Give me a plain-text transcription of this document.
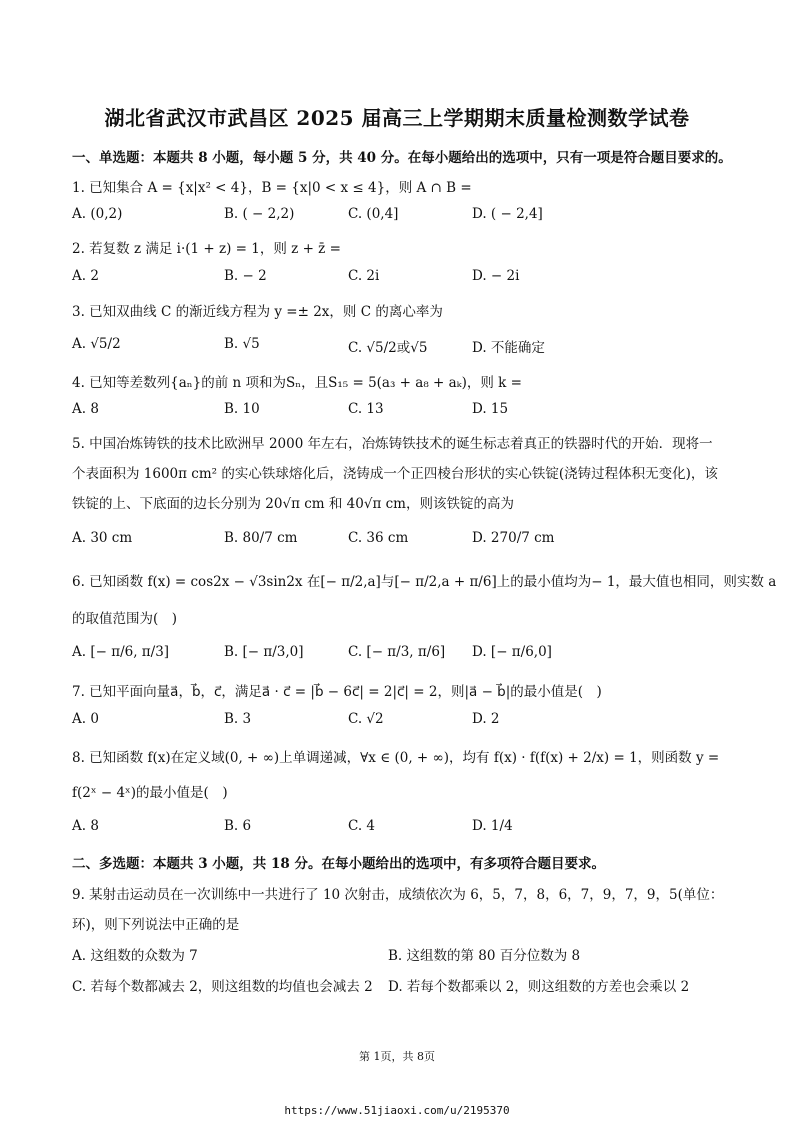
湖北省武汉市武昌区 2025 届高三上学期期末质量检测数学试卷
一、单选题：本题共 8 小题，每小题 5 分，共 40 分。在每小题给出的选项中，只有一项是符合题目要求的。
1. 已知集合 A = {x|x² < 4}，B = {x|0 < x ≤ 4}，则 A ∩ B =
A. (0,2)	B. ( − 2,2)	C. (0,4]	D. ( − 2,4]
2. 若复数 z 满足 i·(1 + z) = 1，则 z + z̄ =
A. 2	B. − 2	C. 2i	D. − 2i
3. 已知双曲线 C 的渐近线方程为 y =± 2x，则 C 的离心率为
A. √5/2	B. √5	C. √5/2或√5	D. 不能确定
4. 已知等差数列{aₙ}的前 n 项和为Sₙ，且S₁₅ = 5(a₃ + a₈ + aₖ)，则 k =
A. 8	B. 10	C. 13	D. 15
5. 中国冶炼铸铁的技术比欧洲早 2000 年左右，冶炼铸铁技术的诞生标志着真正的铁器时代的开始．现将一
个表面积为 1600π cm² 的实心铁球熔化后，浇铸成一个正四棱台形状的实心铁锭(浇铸过程体积无变化)，该
铁锭的上、下底面的边长分别为 20√π cm 和 40√π cm，则该铁锭的高为
A. 30 cm	B. 80/7 cm	C. 36 cm	D. 270/7 cm
6. 已知函数 f(x) = cos2x − √3sin2x 在[− π/2,a]与[− π/2,a + π/6]上的最小值均为− 1，最大值也相同，则实数 a
的取值范围为(　)
A. [− π/6, π/3]	B. [− π/3,0]	C. [− π/3, π/6] D. [− π/6,0]
7. 已知平面向量a⃗，b⃗，c⃗，满足a⃗ · c⃗ = |b⃗ − 6c⃗| = 2|c⃗| = 2，则|a⃗ − b⃗|的最小值是(　)
A. 0	B. 3	C. √2	D. 2
8. 已知函数 f(x)在定义域(0, + ∞)上单调递减，∀x ∈ (0, + ∞)，均有 f(x) · f(f(x) + 2/x) = 1，则函数 y =
f(2ˣ − 4ˣ)的最小值是(　)
A. 8	B. 6	C. 4	D. 1/4
二、多选题：本题共 3 小题，共 18 分。在每小题给出的选项中，有多项符合题目要求。
9. 某射击运动员在一次训练中一共进行了 10 次射击，成绩依次为 6，5，7，8，6，7，9，7，9，5(单位：
环)，则下列说法中正确的是
A. 这组数的众数为 7	B. 这组数的第 80 百分位数为 8
C. 若每个数都减去 2，则这组数的均值也会减去 2 D. 若每个数都乘以 2，则这组数的方差也会乘以 2
第 1页，共 8页
https://www.51jiaoxi.com/u/2195370
